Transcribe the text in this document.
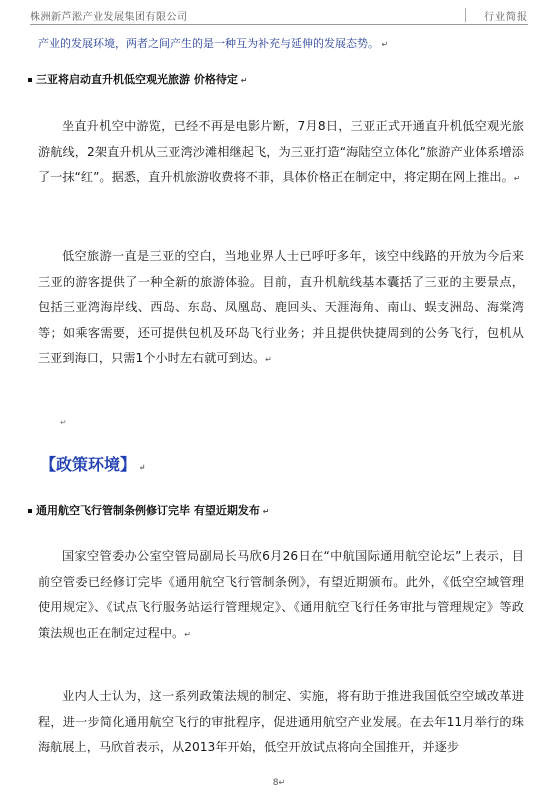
株洲新芦淞产业发展集团有限公司	行业简报
产业的发展环境，两者之间产生的是一种互为补充与延伸的发展态势。 ↵
三亚将启动直升机低空观光旅游 价格待定 ↵
坐直升机空中游览，已经不再是电影片断，7月8日，三亚正式开通直升机低空观光旅游航线，2架直升机从三亚湾沙滩相继起飞，为三亚打造“海陆空立体化”旅游产业体系增添了一抹“红”。据悉，直升机旅游收费将不菲，具体价格正在制定中，将定期在网上推出。↵
低空旅游一直是三亚的空白，当地业界人士已呼吁多年，该空中线路的开放为今后来三亚的游客提供了一种全新的旅游体验。目前，直升机航线基本囊括了三亚的主要景点，包括三亚湾海岸线、西岛、东岛、凤凰岛、鹿回头、天涯海角、南山、蜈支洲岛、海棠湾等；如乘客需要，还可提供包机及环岛飞行业务；并且提供快捷周到的公务飞行，包机从三亚到海口，只需1个小时左右就可到达。↵
↵
【政策环境】 ↵
通用航空飞行管制条例修订完毕 有望近期发布 ↵
国家空管委办公室空管局副局长马欣6月26日在“中航国际通用航空论坛”上表示，目前空管委已经修订完毕《通用航空飞行管制条例》，有望近期颁布。此外，《低空空域管理使用规定》、《试点飞行服务站运行管理规定》、《通用航空飞行任务审批与管理规定》等政策法规也正在制定过程中。↵
业内人士认为，这一系列政策法规的制定、实施，将有助于推进我国低空空域改革进程，进一步简化通用航空飞行的审批程序，促进通用航空产业发展。在去年11月举行的珠海航展上，马欣首表示，从2013年开始，低空开放试点将向全国推开，并逐步
8↵
